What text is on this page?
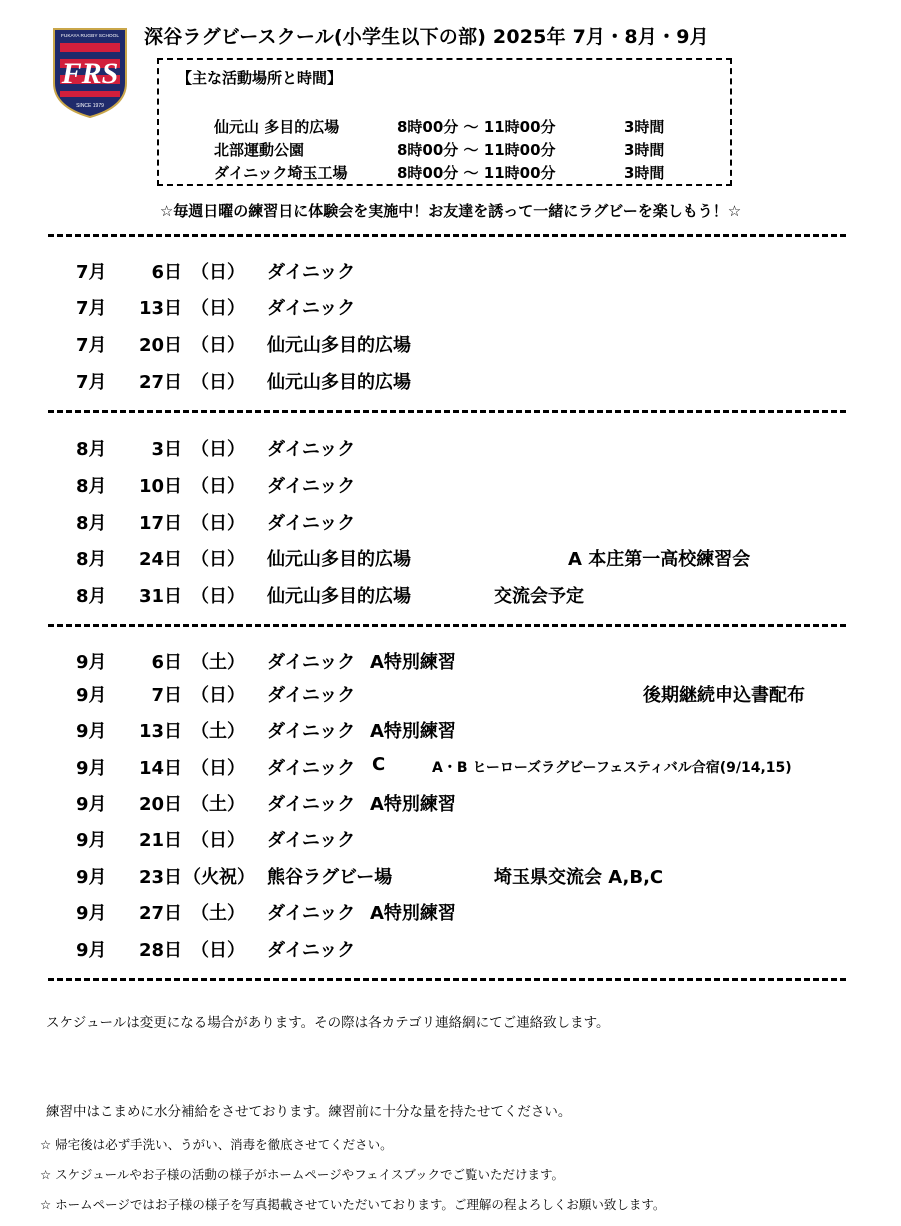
FUKAYA RUGBY SCHOOL
FRS
SINCE 1979
深谷ラグビースクール(小学生以下の部) 2025年 7月・8月・9月
【主な活動場所と時間】
仙元山 多目的広場	8時00分 ～ 11時00分	3時間
北部運動公園	8時00分 ～ 11時00分	3時間
ダイニック埼玉工場	8時00分 ～ 11時00分	3時間
☆毎週日曜の練習日に体験会を実施中！お友達を誘って一緒にラグビーを楽しもう！☆
7月	6日 （日） ダイニック
7月	13日 （日） ダイニック
7月	20日 （日） 仙元山多目的広場
7月	27日 （日） 仙元山多目的広場
8月	3日 （日） ダイニック
8月	10日 （日） ダイニック
8月	17日 （日） ダイニック
8月	24日 （日） 仙元山多目的広場	A 本庄第一高校練習会
8月	31日 （日） 仙元山多目的広場	交流会予定
9月	6日 （土） ダイニック A特別練習
9月	7日 （日） ダイニック	後期継続申込書配布
9月	13日 （土） ダイニック A特別練習
9月	14日 （日） ダイニック C	A・B ヒーローズラグビーフェスティバル合宿(9/14,15)
9月	20日 （土） ダイニック A特別練習
9月	21日 （日） ダイニック
9月	23日 （火祝） 熊谷ラグビー場	埼玉県交流会 A,B,C
9月	27日 （土） ダイニック A特別練習
9月	28日 （日） ダイニック
スケジュールは変更になる場合があります。その際は各カテゴリ連絡網にてご連絡致します。
練習中はこまめに水分補給をさせております。練習前に十分な量を持たせてください。
☆ 帰宅後は必ず手洗い、うがい、消毒を徹底させてください。
☆ スケジュールやお子様の活動の様子がホームページやフェイスブックでご覧いただけます。
☆ ホームページではお子様の様子を写真掲載させていただいております。ご理解の程よろしくお願い致します。
